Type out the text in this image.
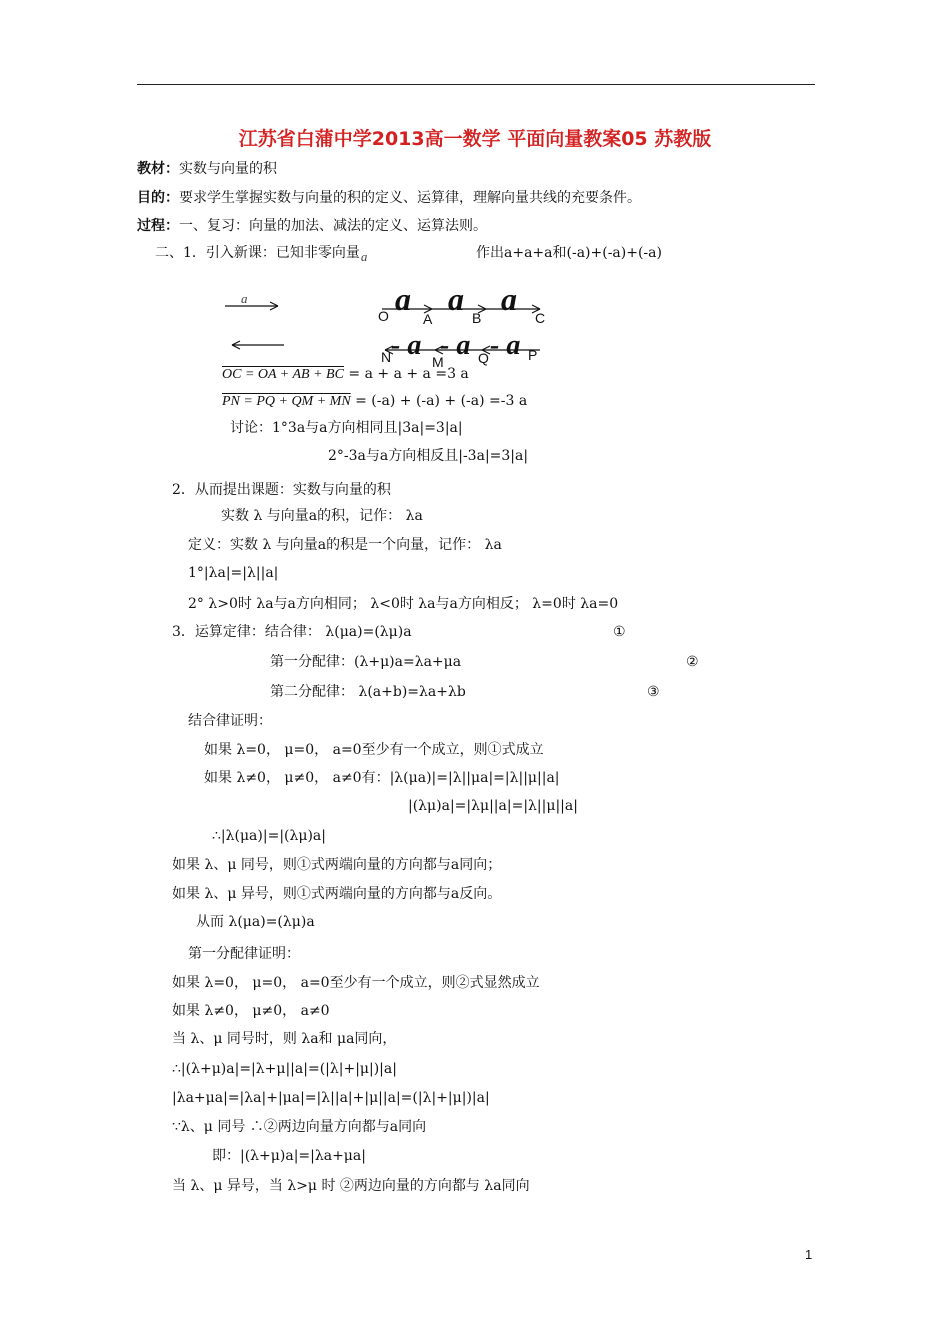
江苏省白蒲中学2013高一数学 平面向量教案05 苏教版
教材：实数与向量的积
目的：要求学生掌握实数与向量的积的定义、运算律，理解向量共线的充要条件。
过程：一、复习：向量的加法、减法的定义、运算法则。
二、1．引入新课：已知非零向量a	作出a+a+a和(-a)+(-a)+(-a)
a	a a a
O A	B	C
- a - a - a
N	M Q	P
OC = OA + AB + BC = a + a + a =3 a
PN = PQ + QM + MN = (-a) + (-a) + (-a) =-3 a
讨论：1°3a与a方向相同且|3a|=3|a|
2°-3a与a方向相反且|-3a|=3|a|
2．从而提出课题：实数与向量的积
实数 λ 与向量a的积，记作： λa
定义：实数 λ 与向量a的积是一个向量，记作： λa
1°|λa|=|λ||a|
2° λ>0时 λa与a方向相同； λ<0时 λa与a方向相反； λ=0时 λa=0
3．运算定律：结合律： λ(μa)=(λμ)a	①
第一分配律：(λ+μ)a=λa+μa	②
第二分配律： λ(a+b)=λa+λb	③
结合律证明：
如果 λ=0， μ=0， a=0至少有一个成立，则①式成立
如果 λ≠0， μ≠0， a≠0有：|λ(μa)|=|λ||μa|=|λ||μ||a|
|(λμ)a|=|λμ||a|=|λ||μ||a|
∴|λ(μa)|=|(λμ)a|
如果 λ、μ 同号，则①式两端向量的方向都与a同向；
如果 λ、μ 异号，则①式两端向量的方向都与a反向。
从而 λ(μa)=(λμ)a
第一分配律证明：
如果 λ=0， μ=0， a=0至少有一个成立，则②式显然成立
如果 λ≠0， μ≠0， a≠0
当 λ、μ 同号时，则 λa和 μa同向，
∴|(λ+μ)a|=|λ+μ||a|=(|λ|+|μ|)|a|
|λa+μa|=|λa|+|μa|=|λ||a|+|μ||a|=(|λ|+|μ|)|a|
∵λ、μ 同号 ∴②两边向量方向都与a同向
即：|(λ+μ)a|=|λa+μa|
当 λ、μ 异号，当 λ>μ 时 ②两边向量的方向都与 λa同向
1
